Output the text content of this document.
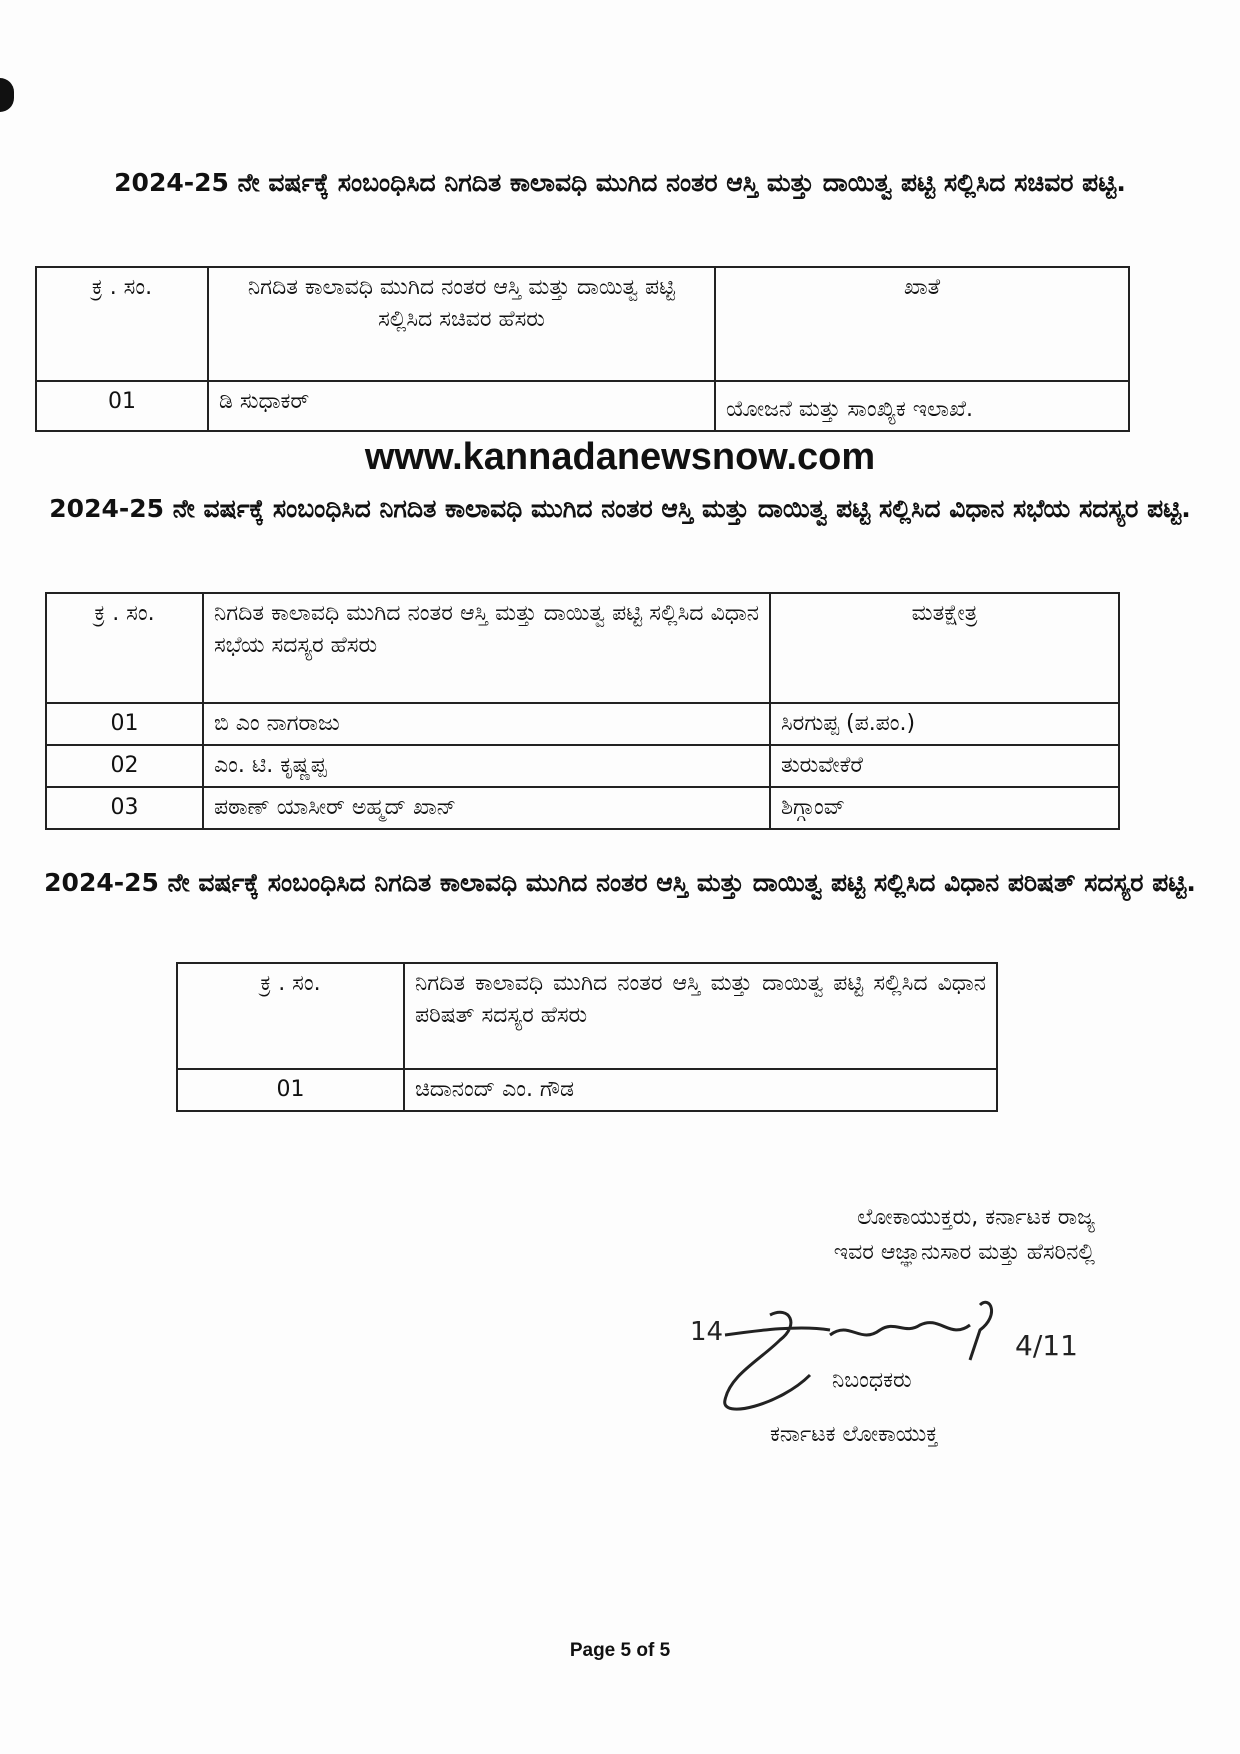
2024-25 ನೇ ವರ್ಷಕ್ಕೆ ಸಂಬಂಧಿಸಿದ ನಿಗದಿತ ಕಾಲಾವಧಿ ಮುಗಿದ ನಂತರ ಆಸ್ತಿ ಮತ್ತು ದಾಯಿತ್ವ ಪಟ್ಟಿ ಸಲ್ಲಿಸಿದ ಸಚಿವರ ಪಟ್ಟಿ.
ಕ್ರ . ಸಂ.	ನಿಗದಿತ ಕಾಲಾವಧಿ ಮುಗಿದ ನಂತರ ಆಸ್ತಿ ಮತ್ತು ದಾಯಿತ್ವ ಪಟ್ಟಿ ಸಲ್ಲಿಸಿದ ಸಚಿವರ ಹೆಸರು	ಖಾತೆ
01	ಡಿ ಸುಧಾಕರ್	ಯೋಜನೆ ಮತ್ತು ಸಾಂಖ್ಯಿಕ ಇಲಾಖೆ.
www.kannadanewsnow.com
2024-25 ನೇ ವರ್ಷಕ್ಕೆ ಸಂಬಂಧಿಸಿದ ನಿಗದಿತ ಕಾಲಾವಧಿ ಮುಗಿದ ನಂತರ ಆಸ್ತಿ ಮತ್ತು ದಾಯಿತ್ವ ಪಟ್ಟಿ ಸಲ್ಲಿಸಿದ ವಿಧಾನ ಸಭೆಯ ಸದಸ್ಯರ ಪಟ್ಟಿ.
ಕ್ರ . ಸಂ.	ನಿಗದಿತ ಕಾಲಾವಧಿ ಮುಗಿದ ನಂತರ ಆಸ್ತಿ ಮತ್ತು ದಾಯಿತ್ವ ಪಟ್ಟಿ ಸಲ್ಲಿಸಿದ ವಿಧಾನ ಸಭೆಯ ಸದಸ್ಯರ ಹೆಸರು	ಮತಕ್ಷೇತ್ರ
01	ಬಿ ಎಂ ನಾಗರಾಜು	ಸಿರಗುಪ್ಪ (ಪ.ಪಂ.)
02	ಎಂ. ಟಿ. ಕೃಷ್ಣಪ್ಪ	ತುರುವೇಕೆರೆ
03	ಪಠಾಣ್ ಯಾಸೀರ್ ಅಹ್ಮದ್ ಖಾನ್	ಶಿಗ್ಗಾಂವ್
2024-25 ನೇ ವರ್ಷಕ್ಕೆ ಸಂಬಂಧಿಸಿದ ನಿಗದಿತ ಕಾಲಾವಧಿ ಮುಗಿದ ನಂತರ ಆಸ್ತಿ ಮತ್ತು ದಾಯಿತ್ವ ಪಟ್ಟಿ ಸಲ್ಲಿಸಿದ ವಿಧಾನ ಪರಿಷತ್ ಸದಸ್ಯರ ಪಟ್ಟಿ.
ಕ್ರ . ಸಂ.	ನಿಗದಿತ ಕಾಲಾವಧಿ ಮುಗಿದ ನಂತರ ಆಸ್ತಿ ಮತ್ತು ದಾಯಿತ್ವ ಪಟ್ಟಿ ಸಲ್ಲಿಸಿದ ವಿಧಾನ ಪರಿಷತ್ ಸದಸ್ಯರ ಹೆಸರು
01	ಚಿದಾನಂದ್ ಎಂ. ಗೌಡ
ಲೋಕಾಯುಕ್ತರು, ಕರ್ನಾಟಕ ರಾಜ್ಯ
ಇವರ ಆಜ್ಞಾನುಸಾರ ಮತ್ತು ಹೆಸರಿನಲ್ಲಿ
14	4/11
ನಿಬಂಧಕರು
ಕರ್ನಾಟಕ ಲೋಕಾಯುಕ್ತ
Page 5 of 5
